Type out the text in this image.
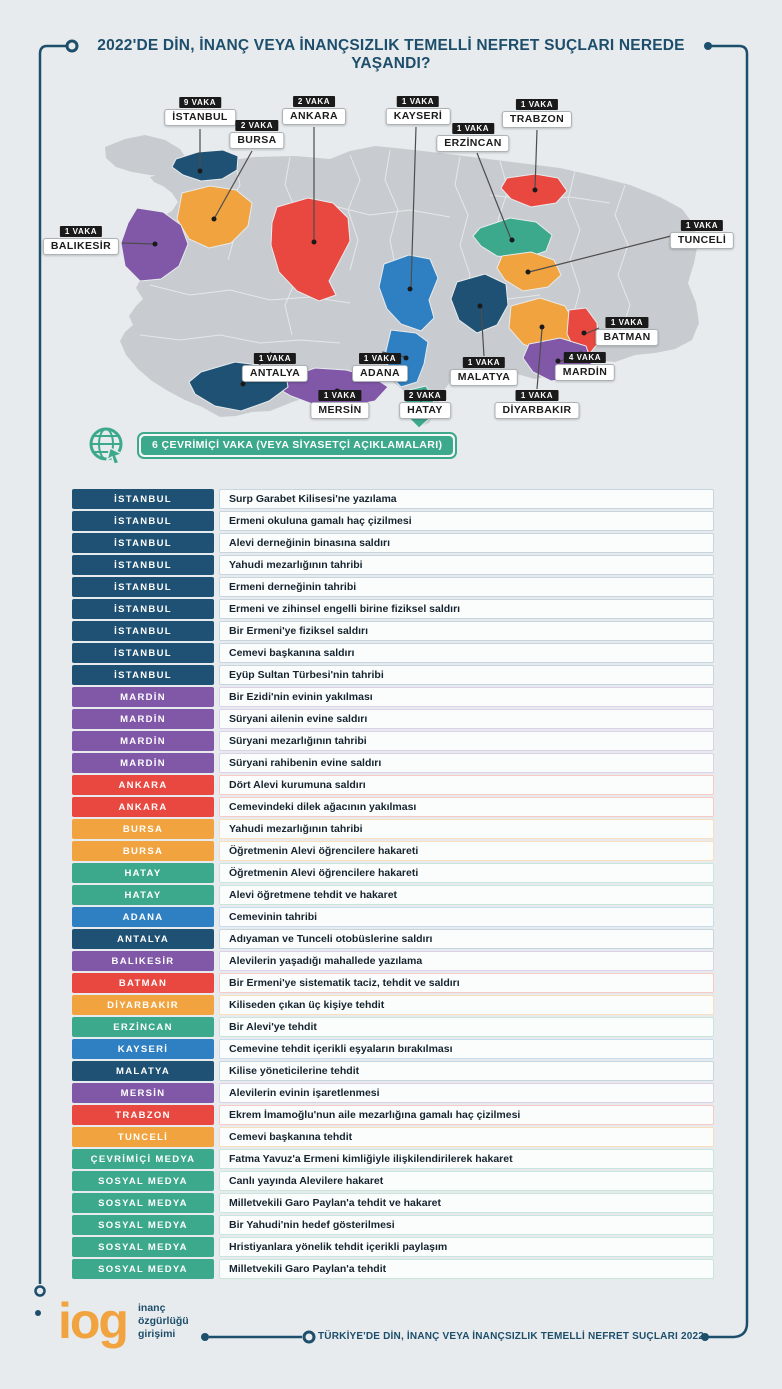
2022'DE DİN, İNANÇ VEYA İNANÇSIZLIK TEMELLİ NEFRET SUÇLARI NEREDE YAŞANDI?
9 VAKA
İSTANBUL
2 VAKA
BURSA
2 VAKA
ANKARA
1 VAKA
KAYSERİ
1 VAKA
ERZİNCAN
1 VAKA
TRABZON
1 VAKA
TUNCELİ
1 VAKA
BALIKESİR
1 VAKA
ANTALYA
1 VAKA
ADANA
1 VAKA
MALATYA
4 VAKA
MARDİN
1 VAKA
BATMAN
1 VAKA
MERSİN
2 VAKA
HATAY
1 VAKA
DİYARBAKIR
6 ÇEVRİMİÇİ VAKA (VEYA SİYASETÇİ AÇIKLAMALARI)
İSTANBUL	Surp Garabet Kilisesi'ne yazılama
İSTANBUL	Ermeni okuluna gamalı haç çizilmesi
İSTANBUL	Alevi derneğinin binasına saldırı
İSTANBUL	Yahudi mezarlığının tahribi
İSTANBUL	Ermeni derneğinin tahribi
İSTANBUL	Ermeni ve zihinsel engelli birine fiziksel saldırı
İSTANBUL	Bir Ermeni'ye fiziksel saldırı
İSTANBUL	Cemevi başkanına saldırı
İSTANBUL	Eyüp Sultan Türbesi'nin tahribi
MARDİN	Bir Ezidi'nin evinin yakılması
MARDİN	Süryani ailenin evine saldırı
MARDİN	Süryani mezarlığının tahribi
MARDİN	Süryani rahibenin evine saldırı
ANKARA	Dört Alevi kurumuna saldırı
ANKARA	Cemevindeki dilek ağacının yakılması
BURSA	Yahudi mezarlığının tahribi
BURSA	Öğretmenin Alevi öğrencilere hakareti
HATAY	Öğretmenin Alevi öğrencilere hakareti
HATAY	Alevi öğretmene tehdit ve hakaret
ADANA	Cemevinin tahribi
ANTALYA	Adıyaman ve Tunceli otobüslerine saldırı
BALIKESİR	Alevilerin yaşadığı mahallede yazılama
BATMAN	Bir Ermeni'ye sistematik taciz, tehdit ve saldırı
DİYARBAKIR	Kiliseden çıkan üç kişiye tehdit
ERZİNCAN	Bir Alevi'ye tehdit
KAYSERİ	Cemevine tehdit içerikli eşyaların bırakılması
MALATYA	Kilise yöneticilerine tehdit
MERSİN	Alevilerin evinin işaretlenmesi
TRABZON	Ekrem İmamoğlu'nun aile mezarlığına gamalı haç çizilmesi
TUNCELİ	Cemevi başkanına tehdit
ÇEVRİMİÇİ MEDYA	Fatma Yavuz'a Ermeni kimliğiyle ilişkilendirilerek hakaret
SOSYAL MEDYA	Canlı yayında Alevilere hakaret
SOSYAL MEDYA	Milletvekili Garo Paylan'a tehdit ve hakaret
SOSYAL MEDYA	Bir Yahudi'nin hedef gösterilmesi
SOSYAL MEDYA	Hristiyanlara yönelik tehdit içerikli paylaşım
SOSYAL MEDYA	Milletvekili Garo Paylan'a tehdit
iog inanç
özgürlüğü
girişimi	TÜRKİYE'DE DİN, İNANÇ VEYA İNANÇSIZLIK TEMELLİ NEFRET SUÇLARI 2022
